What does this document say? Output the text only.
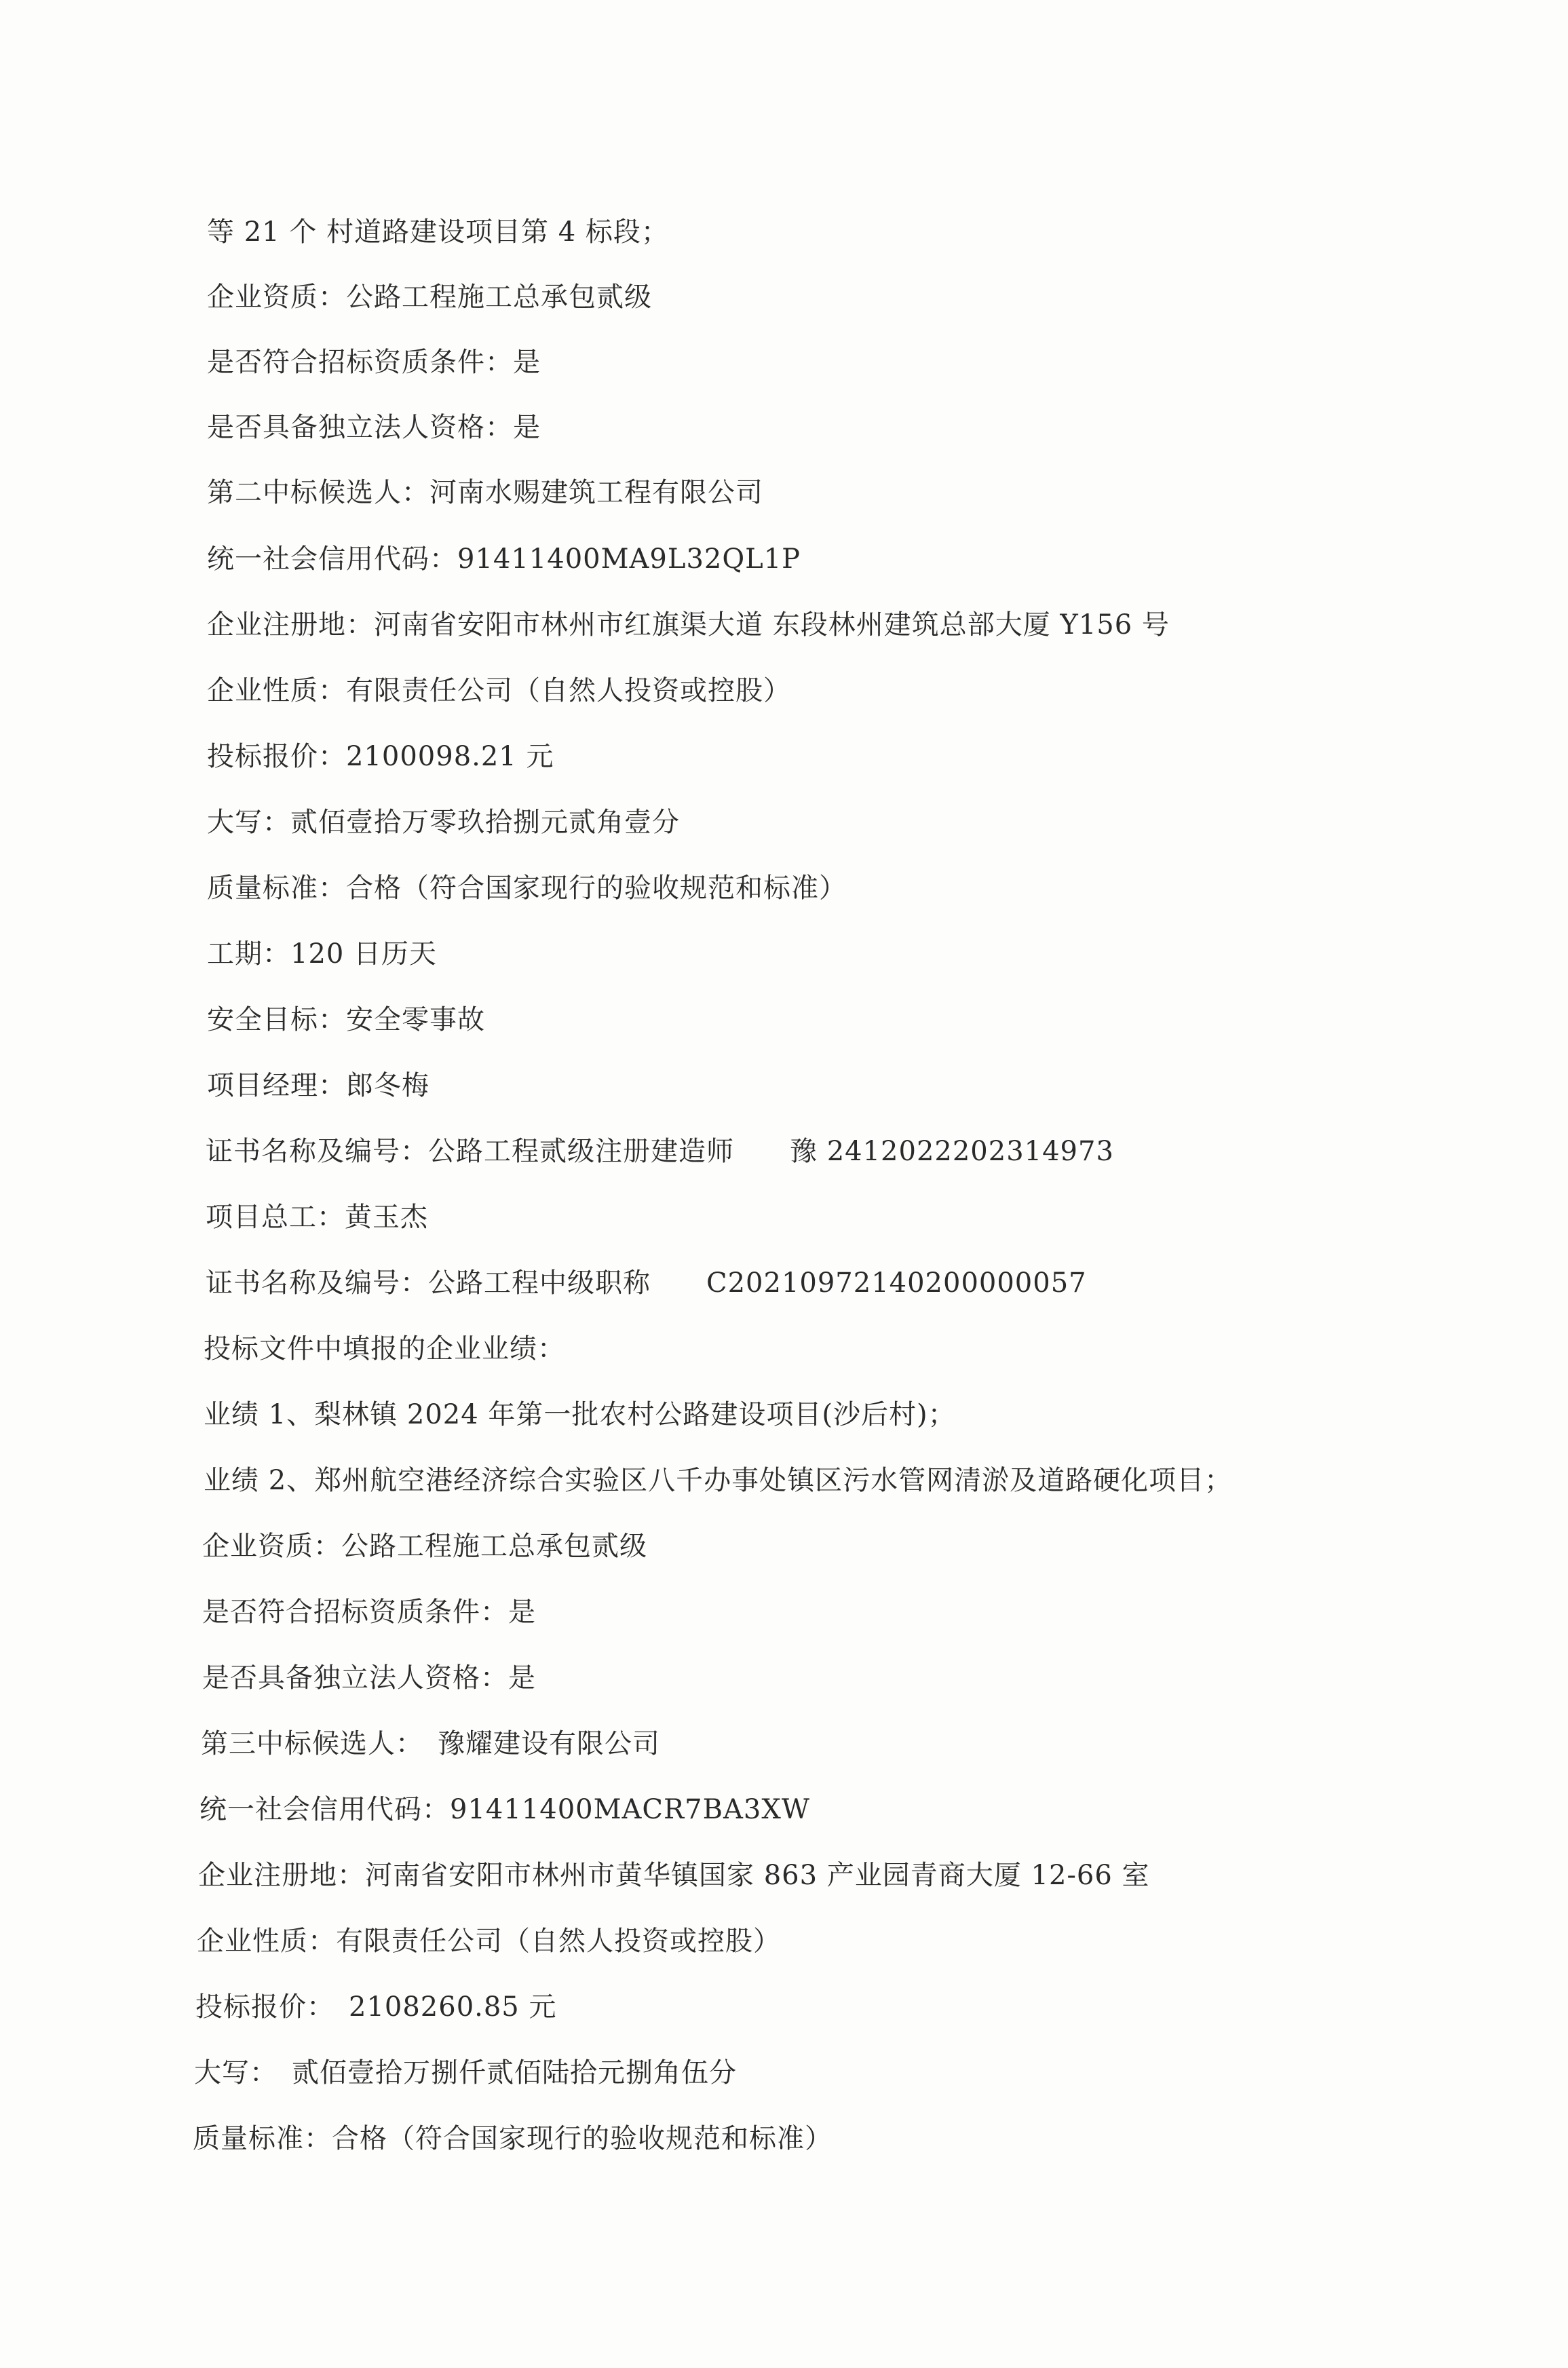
等 21 个 村道路建设项目第 4 标段；
企业资质：公路工程施工总承包贰级
是否符合招标资质条件：是
是否具备独立法人资格：是
第二中标候选人：河南水赐建筑工程有限公司
统一社会信用代码：91411400MA9L32QL1P
企业注册地：河南省安阳市林州市红旗渠大道 东段林州建筑总部大厦 Y156 号
企业性质：有限责任公司（自然人投资或控股）
投标报价：2100098.21 元
大写：贰佰壹拾万零玖拾捌元贰角壹分
质量标准：合格（符合国家现行的验收规范和标准）
工期：120 日历天
安全目标：安全零事故
项目经理：郎冬梅
证书名称及编号：公路工程贰级注册建造师　　豫 2412022202314973
项目总工：黄玉杰
证书名称及编号：公路工程中级职称　　C20210972140200000057
投标文件中填报的企业业绩：
业绩 1、梨林镇 2024 年第一批农村公路建设项目(沙后村)；
业绩 2、郑州航空港经济综合实验区八千办事处镇区污水管网清淤及道路硬化项目；
企业资质：公路工程施工总承包贰级
是否符合招标资质条件：是
是否具备独立法人资格：是
第三中标候选人：　豫耀建设有限公司
统一社会信用代码：91411400MACR7BA3XW
企业注册地：河南省安阳市林州市黄华镇国家 863 产业园青商大厦 12-66 室
企业性质：有限责任公司（自然人投资或控股）
投标报价：　2108260.85 元
大写：　贰佰壹拾万捌仟贰佰陆拾元捌角伍分
质量标准：合格（符合国家现行的验收规范和标准）
